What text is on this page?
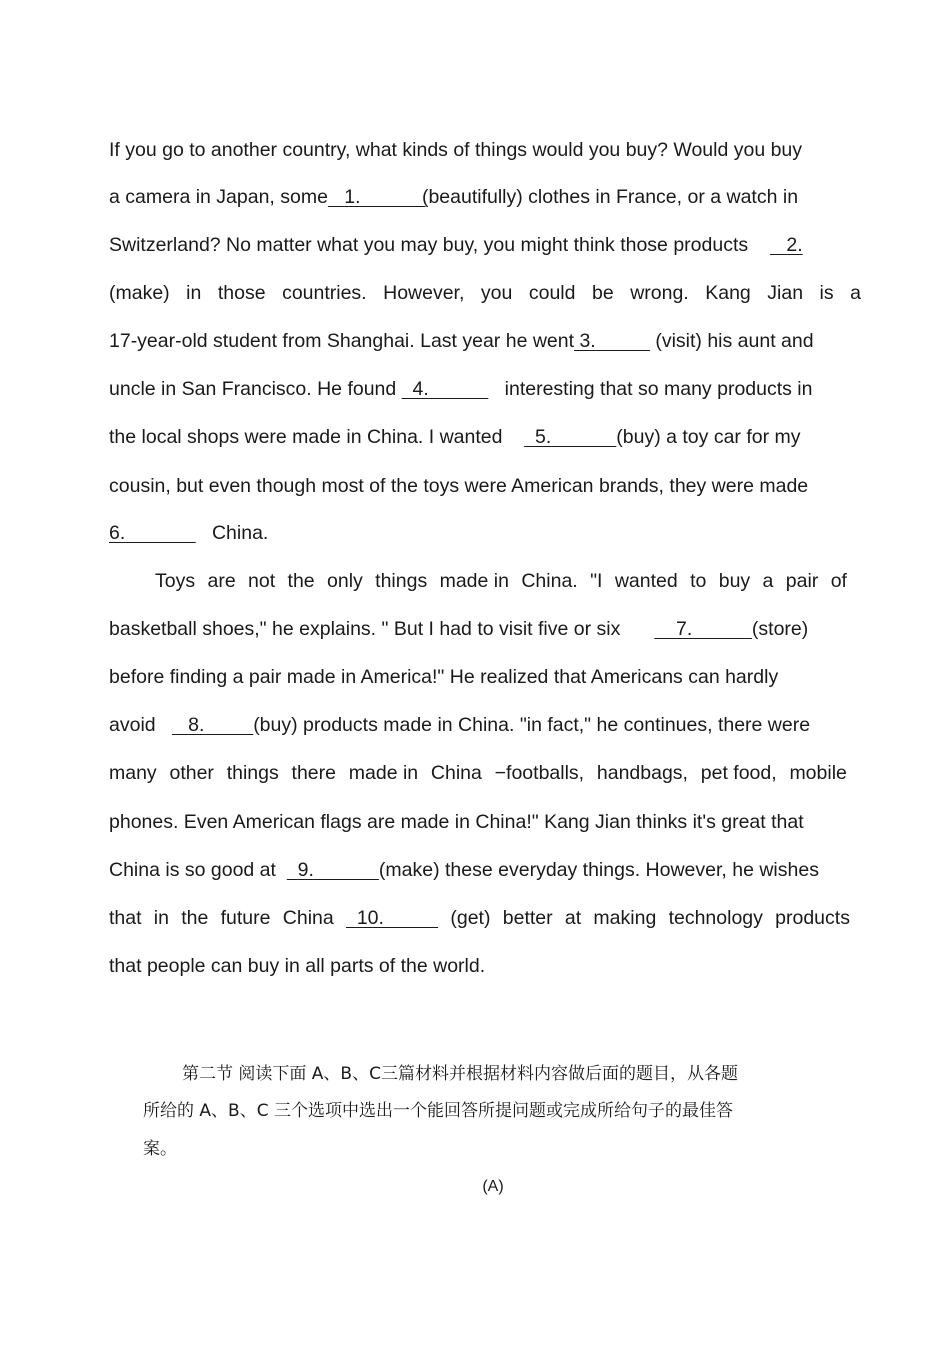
If you go to another country, what kinds of things would you buy? Would you buy
a camera in Japan, some 1.	(beautifully) clothes in France, or a watch in
Switzerland? No matter what you may buy, you might think those products 2.
(make) in those countries. However, you could be wrong. Kang Jian is a
17-year-old student from Shanghai. Last year he went 3.	(visit) his aunt and
uncle in San Francisco. He found 4.	interesting that so many products in
the local shops were made in China. I wanted 5.	(buy) a toy car for my
cousin, but even though most of the toys were American brands, they were made
6.	China.
Toys are not the only things made in China. "I wanted to buy a pair of
basketball shoes," he explains. " But I had to visit five or six	7.	(store)
before finding a pair made in America!" He realized that Americans can hardly
avoid 8.	(buy) products made in China. "in fact," he continues, there were
many other things there made in China −footballs, handbags, pet food, mobile
phones. Even American flags are made in China!" Kang Jian thinks it's great that
China is so good at 9.	(make) these everyday things. However, he wishes
that in the future China 10. (get) better at making technology products
that people can buy in all parts of the world.
第二节 阅读下面 A、B、C三篇材料并根据材料内容做后面的题目，从各题
所给的 A、B、C 三个选项中选出一个能回答所提问题或完成所给句子的最佳答
案。
(A)
